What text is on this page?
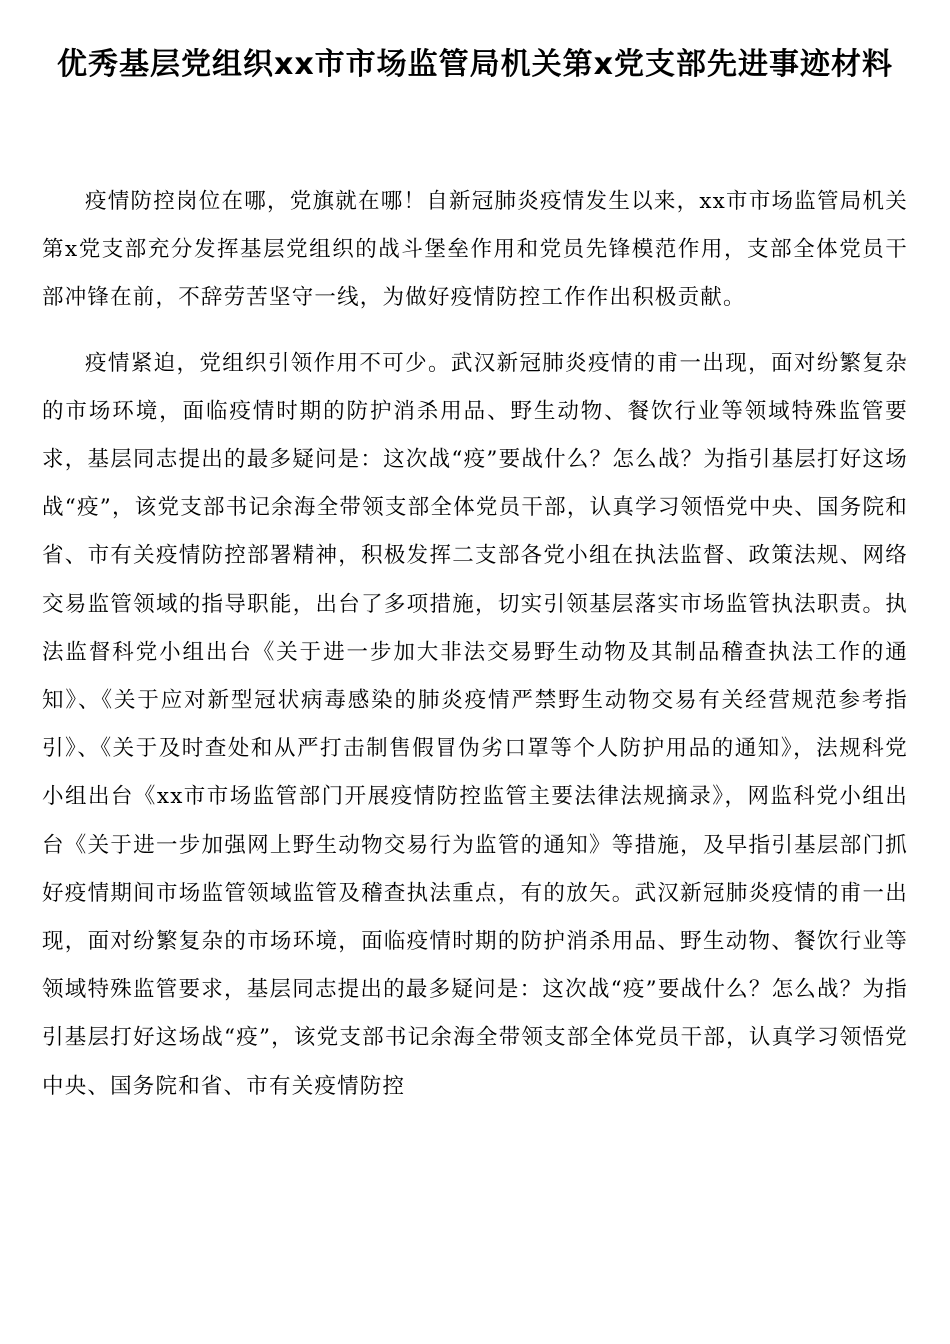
优秀基层党组织xx市市场监管局机关第x党支部先进事迹材料

疫情防控岗位在哪，党旗就在哪！自新冠肺炎疫情发生以来，xx市市场监管局机关第x党支部充分发挥基层党组织的战斗堡垒作用和党员先锋模范作用，支部全体党员干部冲锋在前，不辞劳苦坚守一线，为做好疫情防控工作作出积极贡献。

疫情紧迫，党组织引领作用不可少。武汉新冠肺炎疫情的甫一出现，面对纷繁复杂的市场环境，面临疫情时期的防护消杀用品、野生动物、餐饮行业等领域特殊监管要求，基层同志提出的最多疑问是：这次战“疫”要战什么？怎么战？为指引基层打好这场战“疫”，该党支部书记余海全带领支部全体党员干部，认真学习领悟党中央、国务院和省、市有关疫情防控部署精神，积极发挥二支部各党小组在执法监督、政策法规、网络交易监管领域的指导职能，出台了多项措施，切实引领基层落实市场监管执法职责。执法监督科党小组出台《关于进一步加大非法交易野生动物及其制品稽查执法工作的通知》、《关于应对新型冠状病毒感染的肺炎疫情严禁野生动物交易有关经营规范参考指引》、《关于及时查处和从严打击制售假冒伪劣口罩等个人防护用品的通知》，法规科党小组出台《xx市市场监管部门开展疫情防控监管主要法律法规摘录》，网监科党小组出台《关于进一步加强网上野生动物交易行为监管的通知》等措施，及早指引基层部门抓好疫情期间市场监管领域监管及稽查执法重点，有的放矢。武汉新冠肺炎疫情的甫一出现，面对纷繁复杂的市场环境，面临疫情时期的防护消杀用品、野生动物、餐饮行业等领域特殊监管要求，基层同志提出的最多疑问是：这次战“疫”要战什么？怎么战？为指引基层打好这场战“疫”，该党支部书记余海全带领支部全体党员干部，认真学习领悟党中央、国务院和省、市有关疫情防控
